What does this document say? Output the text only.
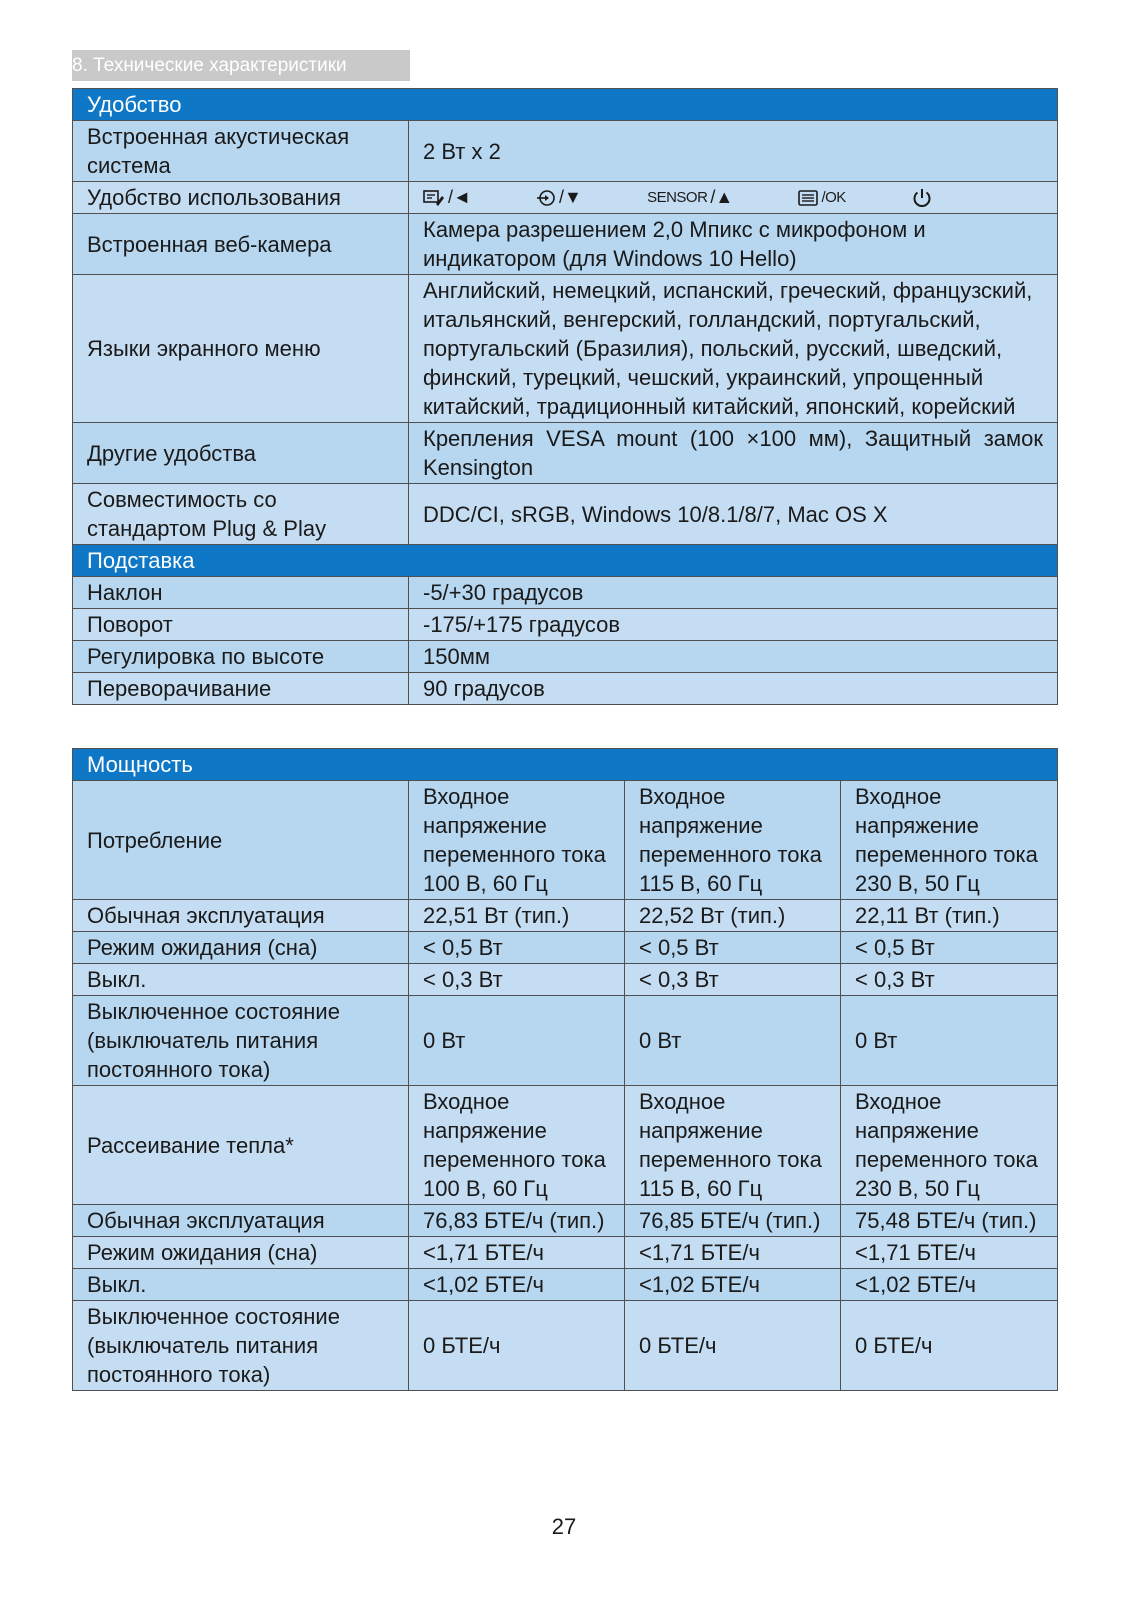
8. Технические характеристики
Удобство	
Встроенная акустическая система	2 Вт x 2
Удобство использования	/◄ /▼ SENSOR /▲ /OK

Встроенная веб-камера	Камера разрешением 2,0 Мпикс с микрофоном и индикатором (для Windows 10 Hello)
Языки экранного меню	Английский, немецкий, испанский, греческий, французский, итальянский, венгерский, голландский, португальский, португальский (Бразилия), польский, русский, шведский, финский, турецкий, чешский, украинский, упрощенный китайский, традиционный китайский, японский, корейский
Другие удобства	Крепления VESA mount (100 ×100 мм), Защитный замок Kensington
Совместимость со стандартом Plug & Play	DDC/CI, sRGB, Windows 10/8.1/8/7, Mac OS X
Подставка	
Наклон	-5/+30 градусов
Поворот	-175/+175 градусов
Регулировка по высоте	150мм
Переворачивание	90 градусов
Мощность			
Потребление	Входное напряжение переменного тока 100 В, 60 Гц	Входное напряжение переменного тока 115 В, 60 Гц	Входное напряжение переменного тока 230 В, 50 Гц
Обычная эксплуатация	22,51 Вт (тип.)	22,52 Вт (тип.)	22,11 Вт (тип.)
Режим ожидания (сна)	< 0,5 Вт	< 0,5 Вт	< 0,5 Вт
Выкл.	< 0,3 Вт	< 0,3 Вт	< 0,3 Вт
Выключенное состояние (выключатель питания постоянного тока)	0 Вт	0 Вт	0 Вт
Рассеивание тепла*	Входное напряжение переменного тока 100 В, 60 Гц	Входное напряжение переменного тока 115 В, 60 Гц	Входное напряжение переменного тока 230 В, 50 Гц
Обычная эксплуатация	76,83 БТЕ/ч (тип.)	76,85 БТЕ/ч (тип.)	75,48 БТЕ/ч (тип.)
Режим ожидания (сна)	<1,71 БТЕ/ч	<1,71 БТЕ/ч	<1,71 БТЕ/ч
Выкл.	<1,02 БТЕ/ч	<1,02 БТЕ/ч	<1,02 БТЕ/ч
Выключенное состояние (выключатель питания постоянного тока)	0 БТЕ/ч	0 БТЕ/ч	0 БТЕ/ч
27
